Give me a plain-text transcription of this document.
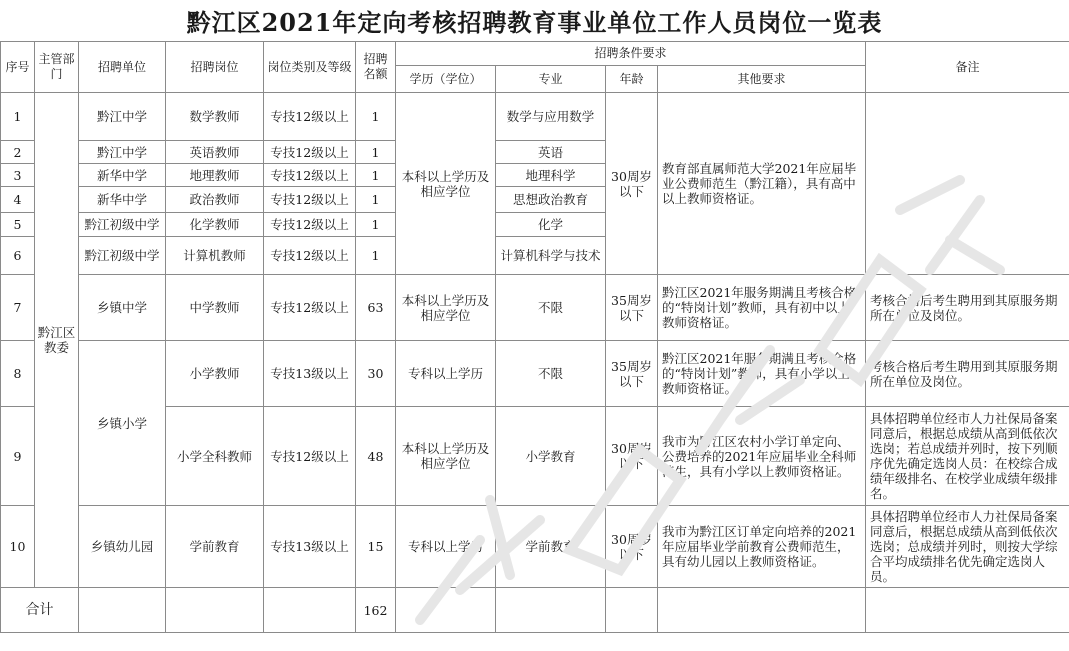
黔江区2021年定向考核招聘教育事业单位工作人员岗位一览表
序号	主管部门	招聘单位	招聘岗位	岗位类别及等级	招聘名额	招聘条件要求				备注
						学历（学位）	专业	年龄	其他要求	
1	黔江区教委	黔江中学	数学教师	专技12级以上	1	本科以上学历及相应学位	数学与应用数学	30周岁以下	教育部直属师范大学2021年应届毕业公费师范生（黔江籍），具有高中以上教师资格证。	
2		黔江中学	英语教师	专技12级以上	1		英语			
3		新华中学	地理教师	专技12级以上	1		地理科学			
4		新华中学	政治教师	专技12级以上	1		思想政治教育			
5		黔江初级中学	化学教师	专技12级以上	1		化学			
6		黔江初级中学	计算机教师	专技12级以上	1		计算机科学与技术			
7		乡镇中学	中学教师	专技12级以上	63	本科以上学历及相应学位	不限	35周岁以下	黔江区2021年服务期满且考核合格的“特岗计划”教师，具有初中以上教师资格证。	考核合格后考生聘用到其原服务期所在单位及岗位。
8		乡镇小学	小学教师	专技13级以上	30	专科以上学历	不限	35周岁以下	黔江区2021年服务期满且考核合格的“特岗计划”教师，具有小学以上教师资格证。	考核合格后考生聘用到其原服务期所在单位及岗位。
9			小学全科教师	专技12级以上	48	本科以上学历及相应学位	小学教育	30周岁以下	我市为黔江区农村小学订单定向、公费培养的2021年应届毕业全科师范生，具有小学以上教师资格证。	具体招聘单位经市人力社保局备案同意后，根据总成绩从高到低依次选岗；若总成绩并列时，按下列顺序优先确定选岗人员：在校综合成绩年级排名、在校学业成绩年级排名。
10		乡镇幼儿园	学前教育	专技13级以上	15	专科以上学历	学前教育	30周岁以下	我市为黔江区订单定向培养的2021年应届毕业学前教育公费师范生，具有幼儿园以上教师资格证。	具体招聘单位经市人力社保局备案同意后，根据总成绩从高到低依次选岗；总成绩并列时，则按大学综合平均成绩排名优先确定选岗人员。
合计					162					
